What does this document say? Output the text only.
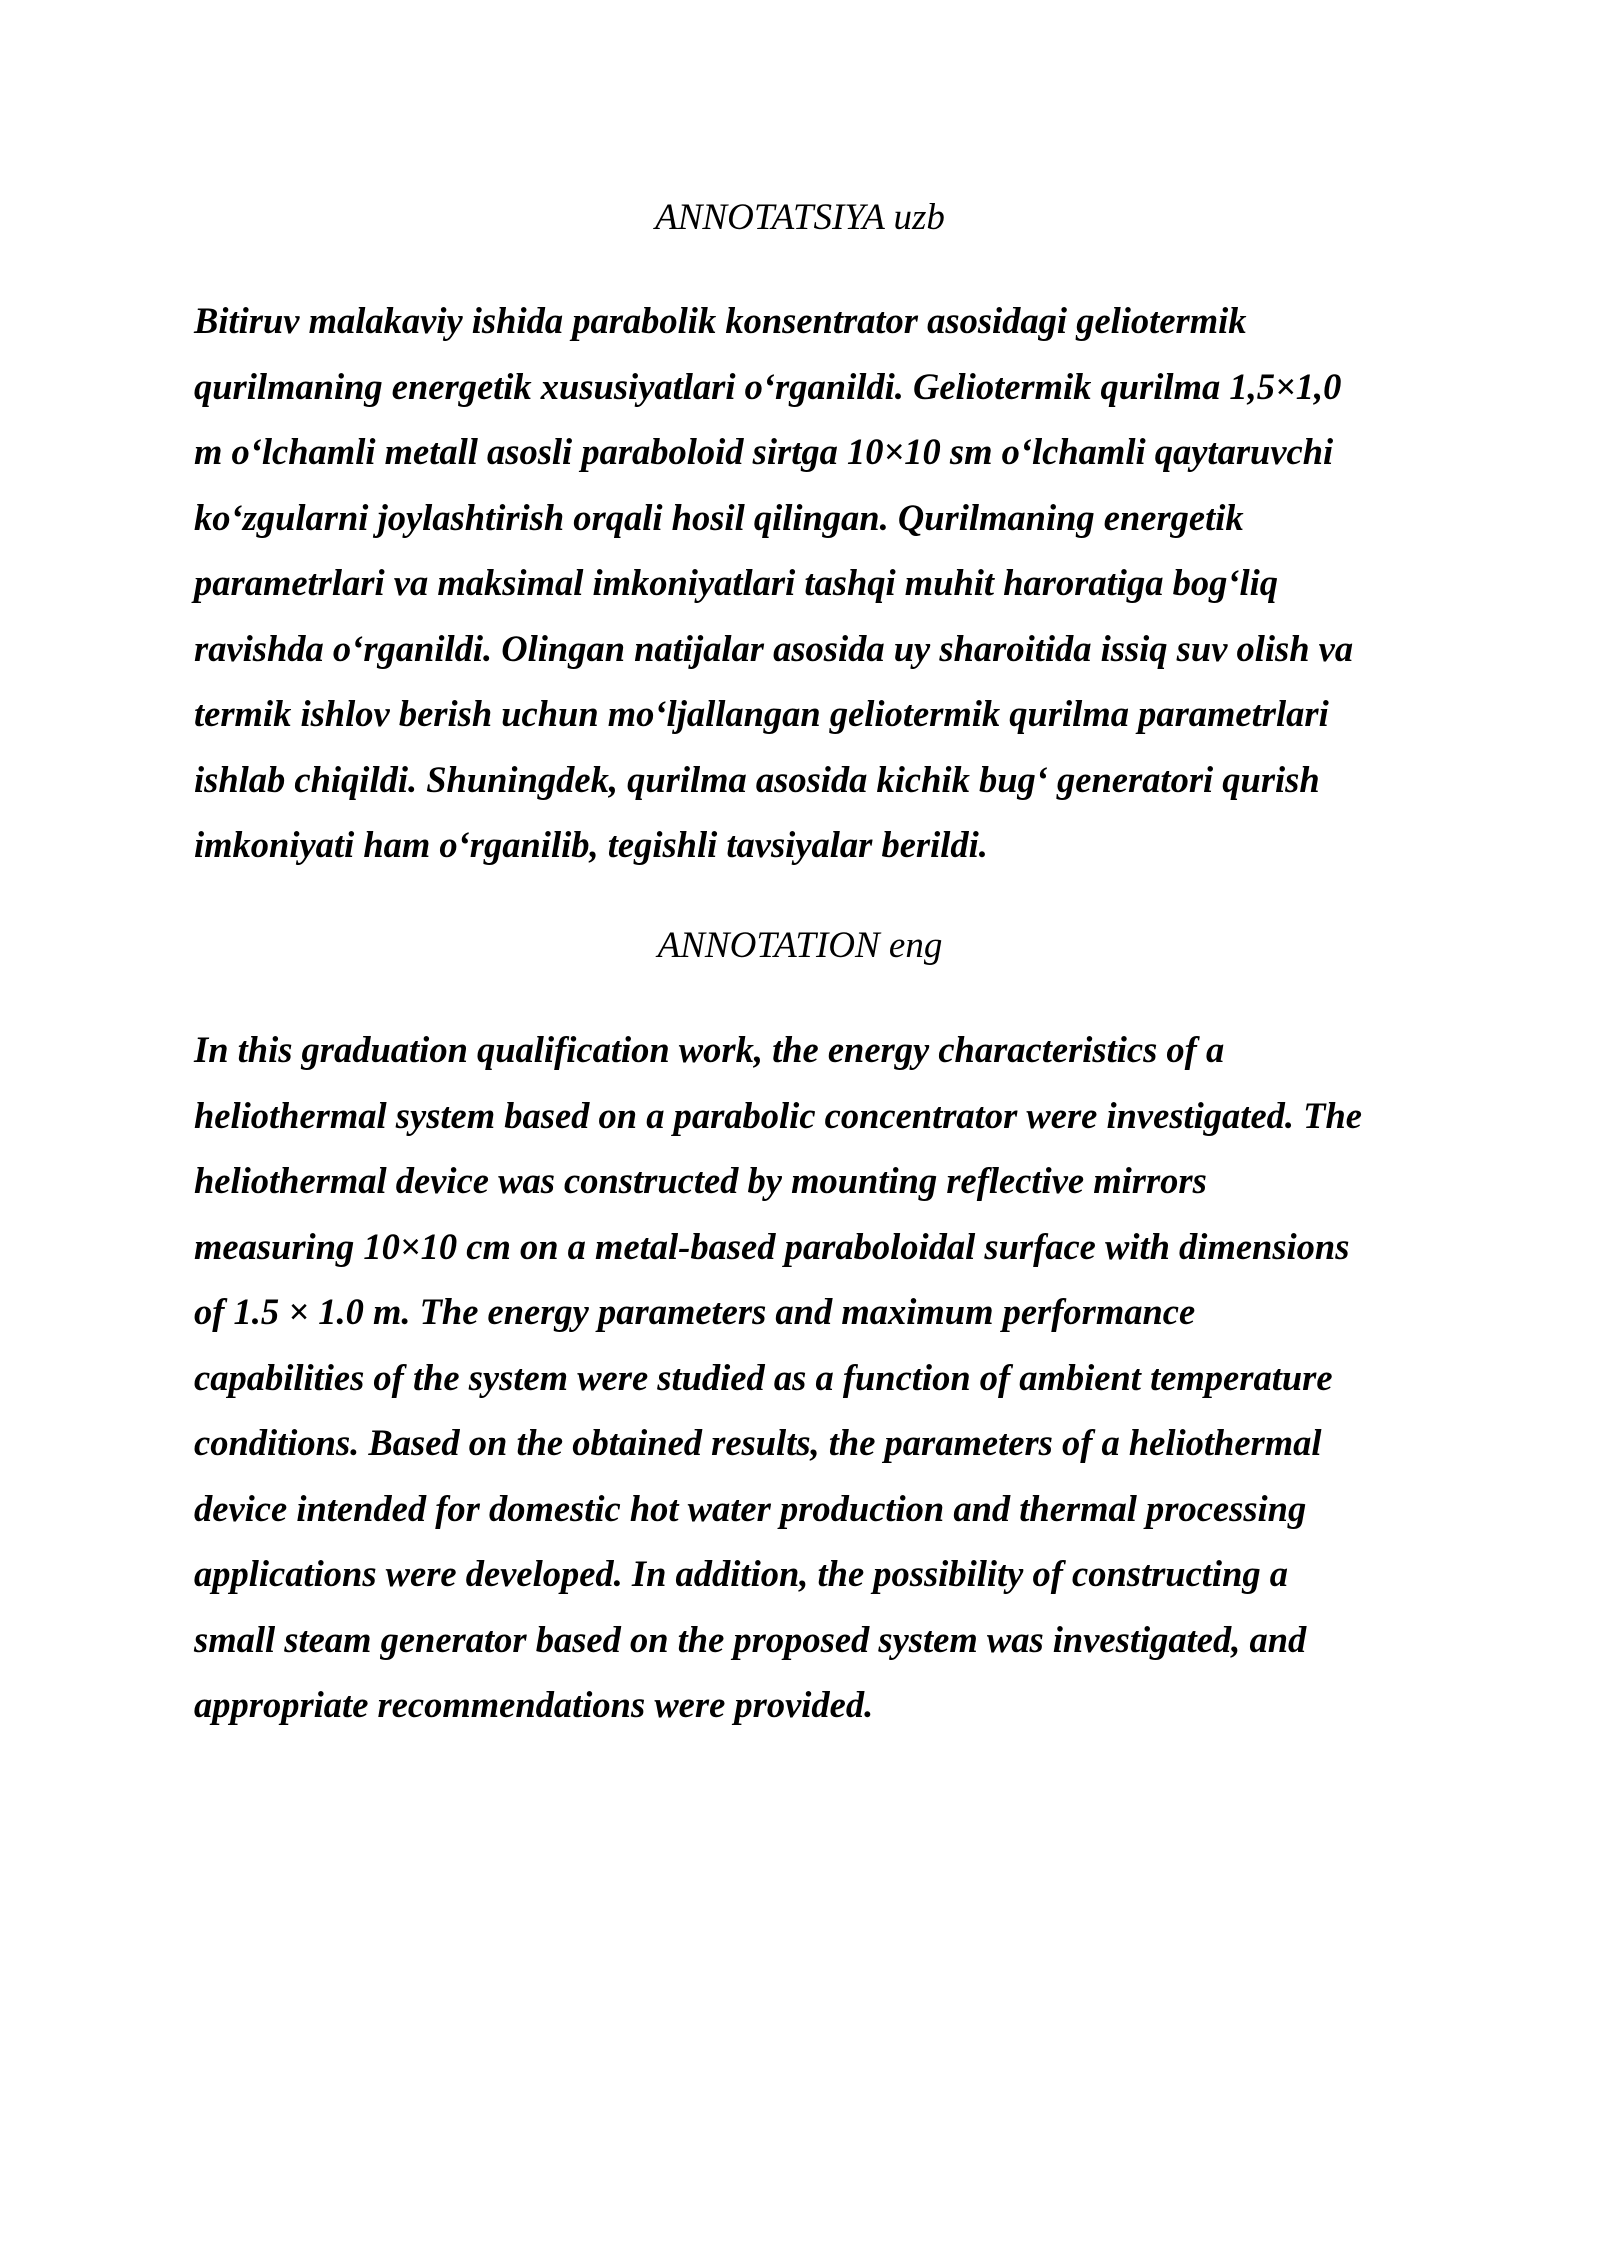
ANNOTATSIYA uzb

Bitiruv malakaviy ishida parabolik konsentrator asosidagi geliotermik
qurilmaning energetik xususiyatlari o‘rganildi. Geliotermik qurilma 1,5×1,0
m o‘lchamli metall asosli paraboloid sirtga 10×10 sm o‘lchamli qaytaruvchi
ko‘zgularni joylashtirish orqali hosil qilingan. Qurilmaning energetik
parametrlari va maksimal imkoniyatlari tashqi muhit haroratiga bog‘liq
ravishda o‘rganildi. Olingan natijalar asosida uy sharoitida issiq suv olish va
termik ishlov berish uchun mo‘ljallangan geliotermik qurilma parametrlari
ishlab chiqildi. Shuningdek, qurilma asosida kichik bug‘ generatori qurish
imkoniyati ham o‘rganilib, tegishli tavsiyalar berildi.

ANNOTATION eng

In this graduation qualification work, the energy characteristics of a
heliothermal system based on a parabolic concentrator were investigated. The
heliothermal device was constructed by mounting reflective mirrors
measuring 10×10 cm on a metal-based paraboloidal surface with dimensions
of 1.5 × 1.0 m. The energy parameters and maximum performance
capabilities of the system were studied as a function of ambient temperature
conditions. Based on the obtained results, the parameters of a heliothermal
device intended for domestic hot water production and thermal processing
applications were developed. In addition, the possibility of constructing a
small steam generator based on the proposed system was investigated, and
appropriate recommendations were provided.
